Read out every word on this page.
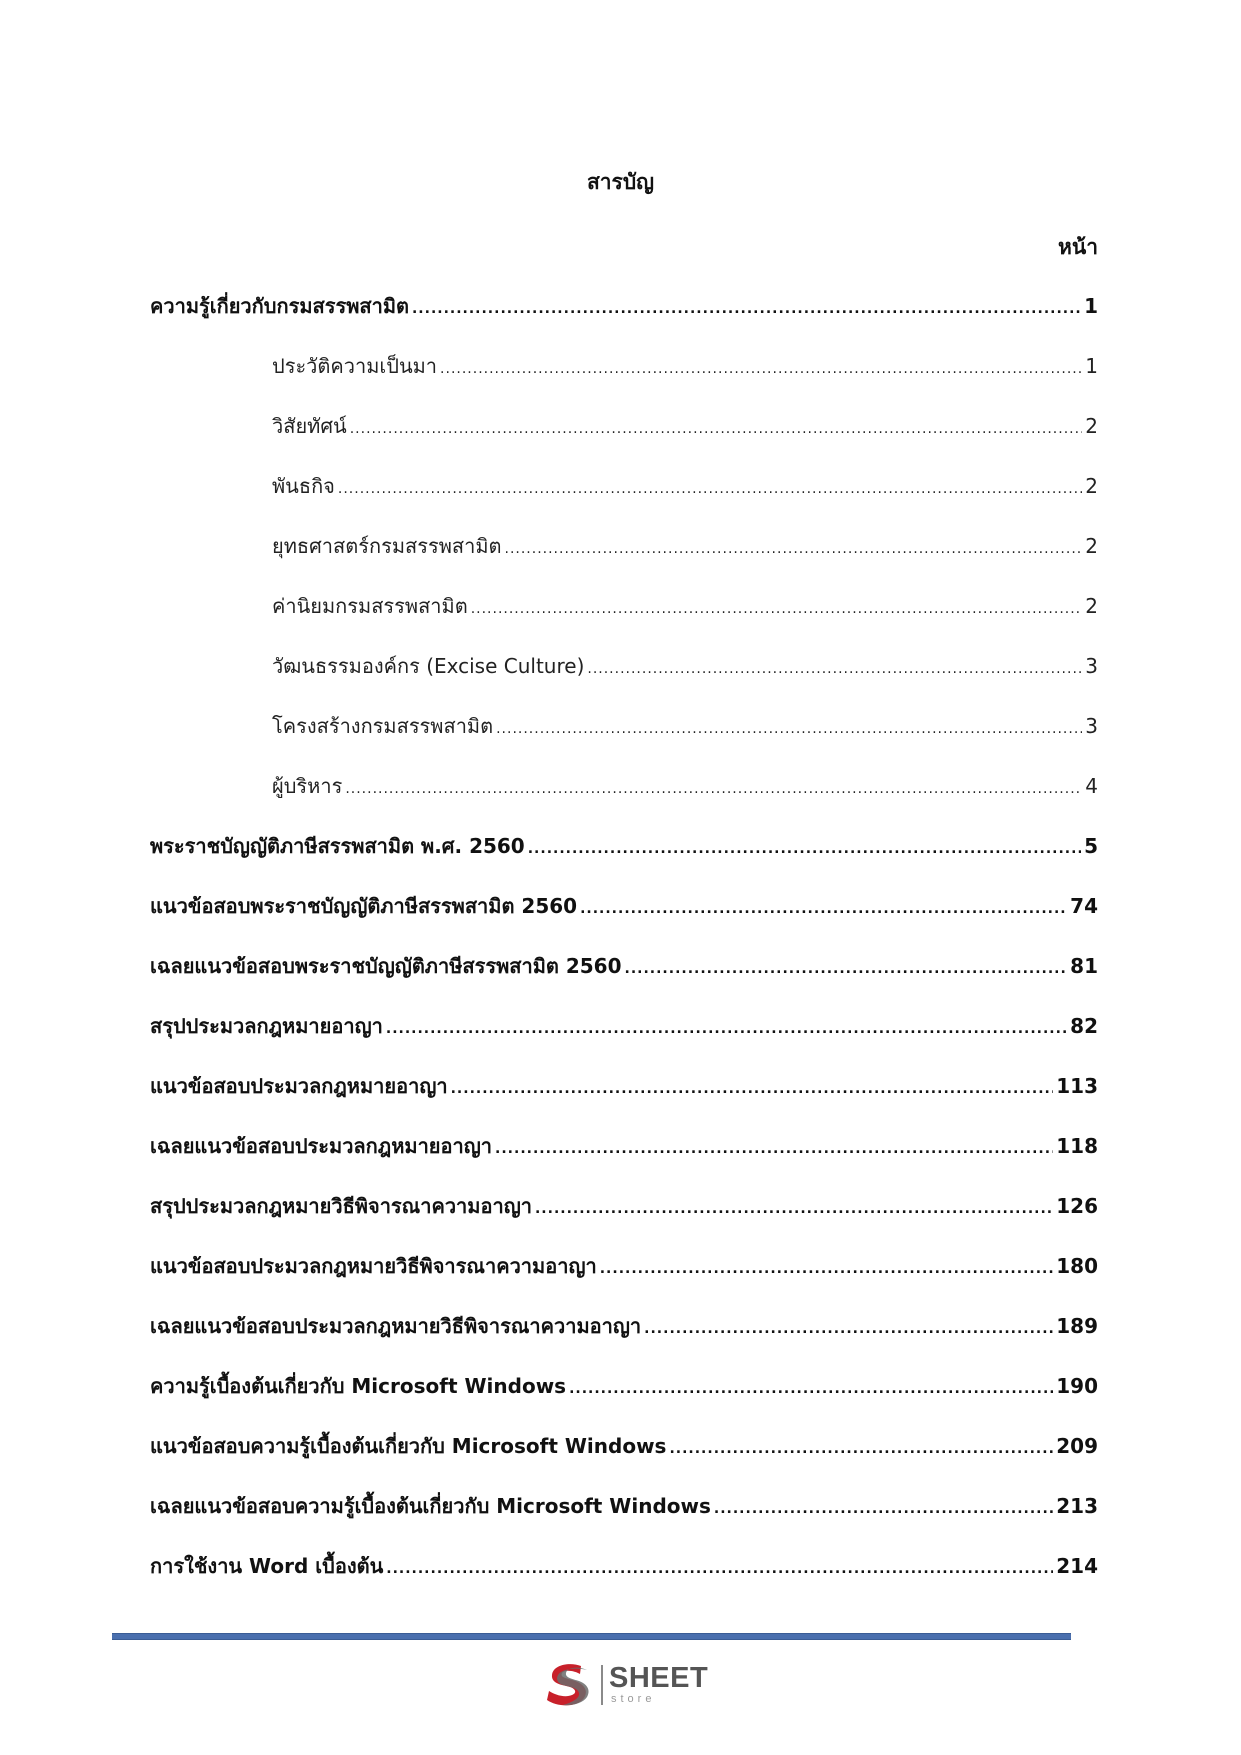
สารบัญ
หน้า
ความรู้เกี่ยวกับกรมสรรพสามิต .....	1
ประวัติความเป็นมา .....	1
วิสัยทัศน์ .....	2
พันธกิจ .....	2
ยุทธศาสตร์กรมสรรพสามิต .....	2
ค่านิยมกรมสรรพสามิต .....	2
วัฒนธรรมองค์กร (Excise Culture) .....	3
โครงสร้างกรมสรรพสามิต .....	3
ผู้บริหาร .....	4
พระราชบัญญัติภาษีสรรพสามิต พ.ศ. 2560 .....	5
แนวข้อสอบพระราชบัญญัติภาษีสรรพสามิต 2560 .....	74
เฉลยแนวข้อสอบพระราชบัญญัติภาษีสรรพสามิต 2560 .....	81
สรุปประมวลกฎหมายอาญา .....	82
แนวข้อสอบประมวลกฎหมายอาญา .....	113
เฉลยแนวข้อสอบประมวลกฎหมายอาญา .....	118
สรุปประมวลกฎหมายวิธีพิจารณาความอาญา .....	126
แนวข้อสอบประมวลกฎหมายวิธีพิจารณาความอาญา .....	180
เฉลยแนวข้อสอบประมวลกฎหมายวิธีพิจารณาความอาญา .....	189
ความรู้เบื้องต้นเกี่ยวกับ Microsoft Windows .....	190
แนวข้อสอบความรู้เบื้องต้นเกี่ยวกับ Microsoft Windows .....	209
เฉลยแนวข้อสอบความรู้เบื้องต้นเกี่ยวกับ Microsoft Windows .....	213
การใช้งาน Word เบื้องต้น .....	214
SHEET
store
